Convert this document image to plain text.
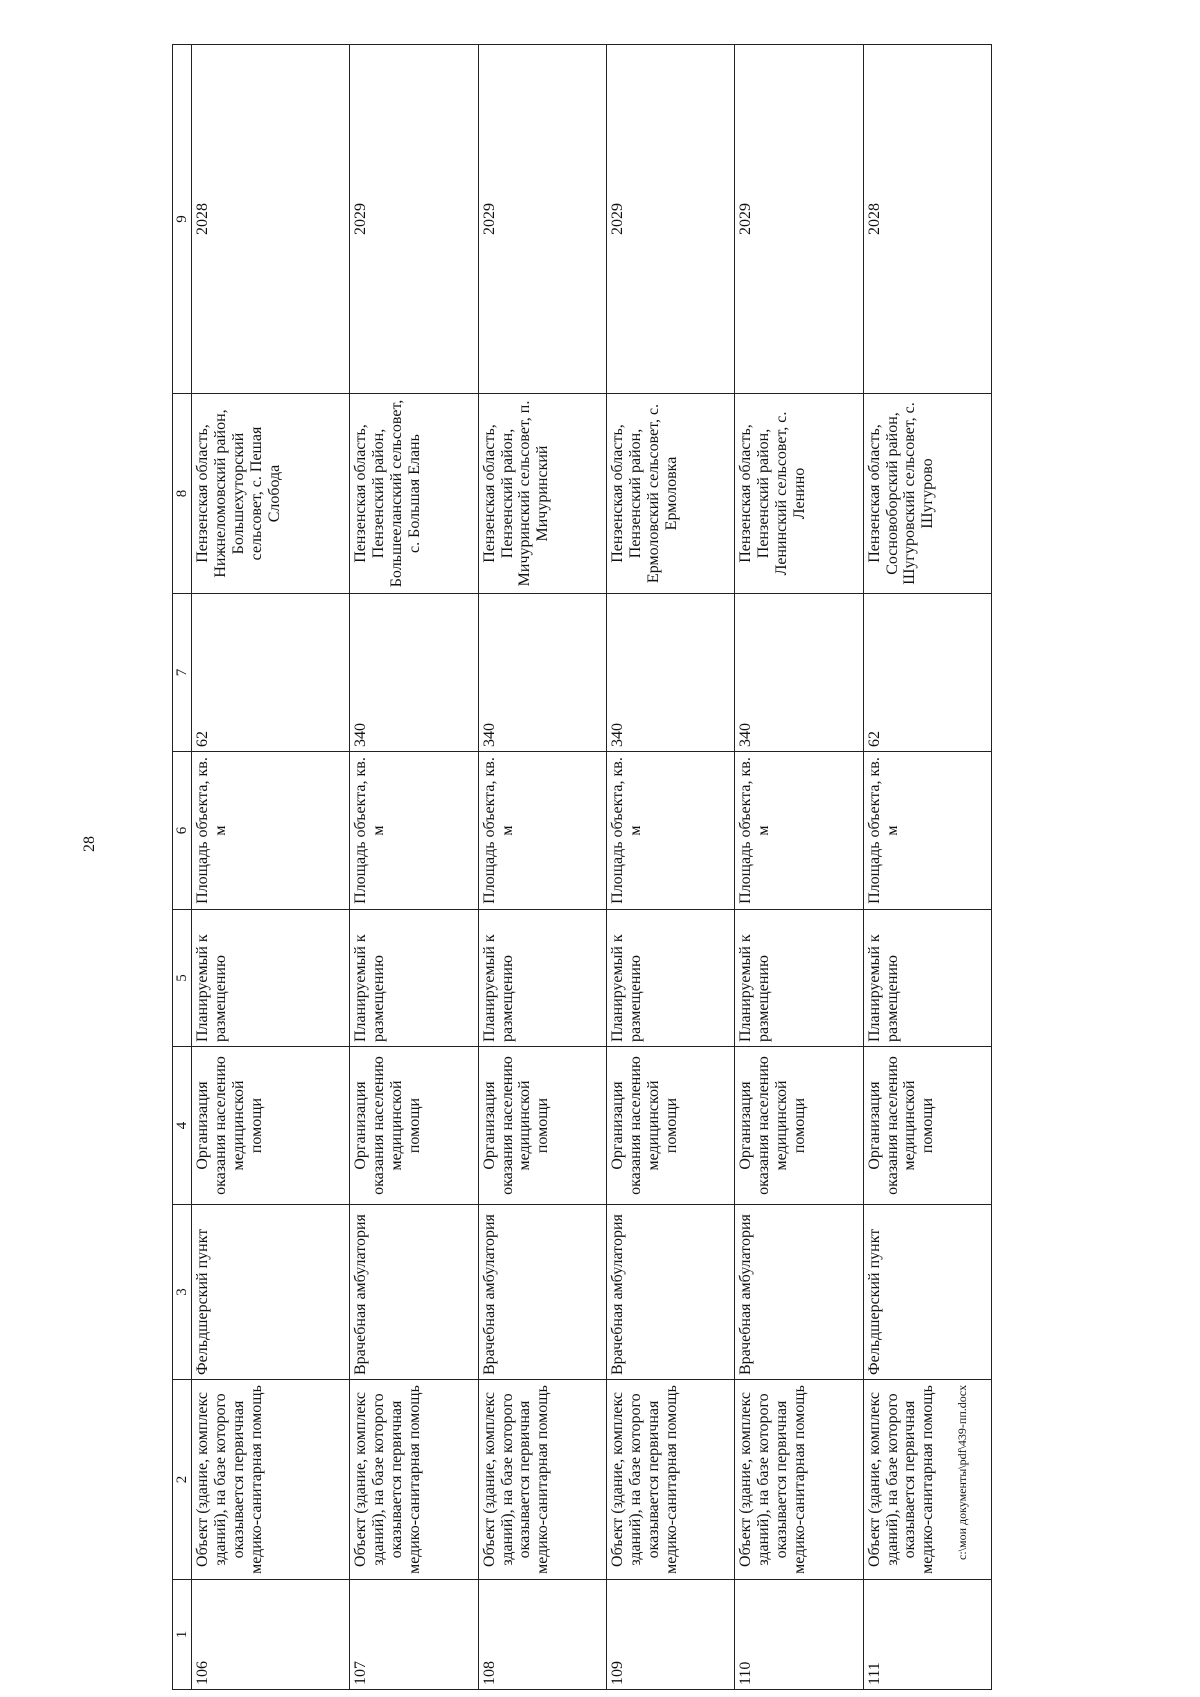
28
1	2	3	4	5	6	7	8	9
106	Объект (здание, комплекс зданий), на базе которого оказывается первичная медико-санитарная помощь	Фельдшерский пункт	Организация оказания населению медицинской помощи	Планируемый к размещению	Площадь объекта, кв. м	62	Пензенская область, Нижнеломовский район, Большехуторский сельсовет, с. Пешая Слобода	2028
107	Объект (здание, комплекс зданий), на базе которого оказывается первичная медико-санитарная помощь	Врачебная амбулатория	Организация оказания населению медицинской помощи	Планируемый к размещению	Площадь объекта, кв. м	340	Пензенская область, Пензенский район, Большееланский сельсовет, с. Большая Елань	2029
108	Объект (здание, комплекс зданий), на базе которого оказывается первичная медико-санитарная помощь	Врачебная амбулатория	Организация оказания населению медицинской помощи	Планируемый к размещению	Площадь объекта, кв. м	340	Пензенская область, Пензенский район, Мичуринский сельсовет, п. Мичуринский	2029
109	Объект (здание, комплекс зданий), на базе которого оказывается первичная медико-санитарная помощь	Врачебная амбулатория	Организация оказания населению медицинской помощи	Планируемый к размещению	Площадь объекта, кв. м	340	Пензенская область, Пензенский район, Ермоловский сельсовет, с. Ермоловка	2029
110	Объект (здание, комплекс зданий), на базе которого оказывается первичная медико-санитарная помощь	Врачебная амбулатория	Организация оказания населению медицинской помощи	Планируемый к размещению	Площадь объекта, кв. м	340	Пензенская область, Пензенский район, Ленинский сельсовет, с. Ленино	2029
111	Объект (здание, комплекс зданий), на базе которого оказывается первичная медико-санитарная помощь	Фельдшерский пункт	Организация оказания населению медицинской помощи	Планируемый к размещению	Площадь объекта, кв. м	62	Пензенская область, Сосновоборский район, Шугуровский сельсовет, с. Шугурово	2028
c:\мои документы\pdf\439-пп.docx
